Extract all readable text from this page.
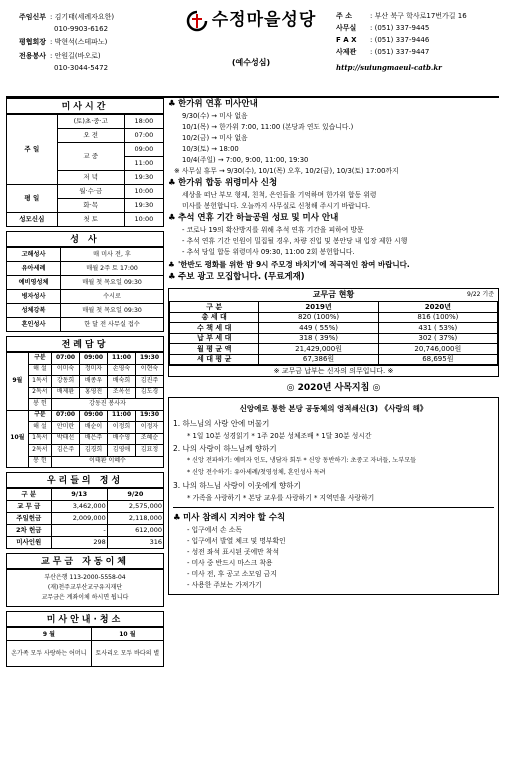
주임신부 : 김기태(세례자요한)
010-9903-6162
평협회장 : 박현석(스테파노)
전용봉사 : 안원길(바오로)
010-3044-5472
수정마을성당
(예수성심)
주 소	: 부산 북구 학사로17번가길 16
사무실	: (051) 337-9445
F A X	: (051) 337-9446
사제관	: (051) 337-9447
http://suiungmaeul-catb.kr
미사시간
주 일	(토)초·중·고	18:00
	오 전	07:00
	교 중	09:00
		11:00
	저 녁	19:30
평 일	월·수·금	10:00
	화·목	19:30
성모신심	첫 토	10:00
성 사
고해성사	매 미사 전, 후
유아세례	매월 2주 토 17:00
예비영성체	매월 첫 목요일 09:30
병자성사	수시로
성체강복	매월 첫 목요일 09:30
혼인성사	한 달 전 사무실 접수
전례담당
9월	구분	07:00	09:00	11:00	19:30
	해 설	이미숙	정미자	손영숙	이현숙
	1독서	강동희	배종우	배숙희	김진주
	2독서	배제환	홍영진	조옥선	김도경
	봉 헌	강동진 봉사자			
10월	구분	07:00	09:00	11:00	19:30
	해 설	안미란	배순이	이정희	이정자
	1독서	박태선	배은주	배수영	조혜순
	2독서	김은주	김경희	김영애	김묘정
	봉 헌	이태환 이혜수			
우리들의 정성
구 분	9/13	9/20
교 무 금	3,462,000	2,575,000
주일헌금	2,009,000	2,118,000
2차 헌금	-	612,000
미사인원	298	316
교무금 자동이체
부산은행 113-2000-5558-04
(재)천주교부산교구유지재단
교무금은 계좌이체 하시면 됩니다
미사안내·청소
9 월	10 월
온가족 모두 사랑하는 어머니	토사리오 모두 바다의 별
♣ 한가위 연휴 미사안내
9/30(수) → 미사 없음
10/1(목) → 한가위 7:00, 11:00 (본당과 연도 있습니다.)
10/2(금) → 미사 없음
10/3(토) → 18:00
10/4(주일) → 7:00, 9:00, 11:00, 19:30
※ 사무실 휴무 → 9/30(수), 10/1(목) 오후, 10/2(금), 10/3(토) 17:00까지
♣ 한가위 합동 위령미사 신청
세상을 떠난 부모 형제, 친척, 은인들을 기억하며 한가위 합동 위령
미사를 봉헌합니다. 오늘까지 사무실로 신청해 주시기 바랍니다.
♣ 추석 연휴 기간 하늘공원 성묘 및 미사 안내
- 코로나 19의 확산방지를 위해 추석 연휴 기간을 피하여 방문
- 추석 연휴 기간 인원이 밀집될 경우, 차량 진입 및 봉안당 내 입장 제한 시행
- 추석 당일 합동 위령미사 09:30, 11:00 2회 봉헌합니다.
♣ '한반도 평화를 위한 밤 9시 주모경 바치기'에 적극적인 참여 바랍니다.
♣ 주보 광고 모집합니다. (무료게재)
교무금 현황	9/22 기준
구 분	2019년	2020년
총 세 대	820 (100%)	816 (100%)
수 책 세 대	449 ( 55%)	431 ( 53%)
납 부 세 대	318 ( 39%)	302 ( 37%)
월 평 균 액	21,429,000원	20,746,000원
세 대 평 균	67,386원	68,695원
※ 교무금 납부는 신자의 의무입니다. ※
◎ 2020년 사목지침 ◎
신앙에로 통한 본당 공동체의 영적쇄신(3) 《사랑의 해》
1. 하느님의 사랑 안에 머물기
* 1일 10분 성경읽기 * 1주 20분 성체조배 * 1달 30분 성시간
2. 나의 사랑이 하느님께 향하기
* 신앙 전파하기: 예비자 인도, 냉담자 회두 * 신앙 동반하기: 초중고 자녀들, 노부모들
* 신앙 전수하기: 유아세례/첫영성체, 혼인성사 독려
3. 나의 하느님 사랑이 이웃에게 향하기
* 가족을 사랑하기 * 본당 교우를 사랑하기 * 지역민을 사랑하기
♣ 미사 참례시 지켜야 할 수칙
- 입구에서 손 소독
- 입구에서 발열 체크 및 명부확인
- 성전 좌석 표시된 곳에만 착석
- 미사 중 반드시 마스크 착용
- 미사 전, 후 공고 소모임 금지
- 사용한 주보는 가져가기
